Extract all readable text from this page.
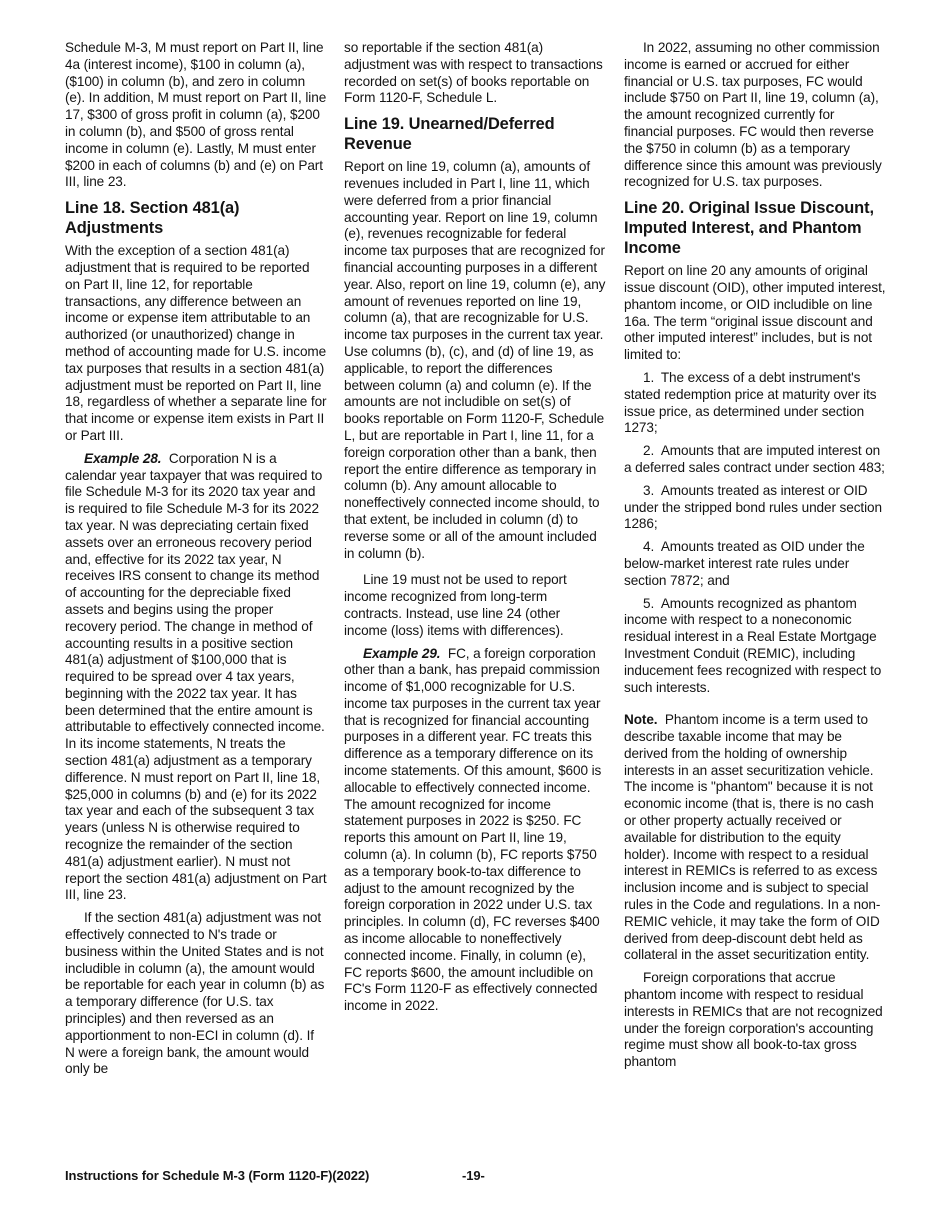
Schedule M-3, M must report on Part II, line 4a (interest income), $100 in column (a), ($100) in column (b), and zero in column (e). In addition, M must report on Part II, line 17, $300 of gross profit in column (a), $200 in column (b), and $500 of gross rental income in column (e). Lastly, M must enter $200 in each of columns (b) and (e) on Part III, line 23.

Line 18. Section 481(a) Adjustments

With the exception of a section 481(a) adjustment that is required to be reported on Part II, line 12, for reportable transactions, any difference between an income or expense item attributable to an authorized (or unauthorized) change in method of accounting made for U.S. income tax purposes that results in a section 481(a) adjustment must be reported on Part II, line 18, regardless of whether a separate line for that income or expense item exists in Part II or Part III.

Example 28. Corporation N is a calendar year taxpayer that was required to file Schedule M-3 for its 2020 tax year and is required to file Schedule M-3 for its 2022 tax year. N was depreciating certain fixed assets over an erroneous recovery period and, effective for its 2022 tax year, N receives IRS consent to change its method of accounting for the depreciable fixed assets and begins using the proper recovery period. The change in method of accounting results in a positive section 481(a) adjustment of $100,000 that is required to be spread over 4 tax years, beginning with the 2022 tax year. It has been determined that the entire amount is attributable to effectively connected income. In its income statements, N treats the section 481(a) adjustment as a temporary difference. N must report on Part II, line 18, $25,000 in columns (b) and (e) for its 2022 tax year and each of the subsequent 3 tax years (unless N is otherwise required to recognize the remainder of the section 481(a) adjustment earlier). N must not report the section 481(a) adjustment on Part III, line 23.

If the section 481(a) adjustment was not effectively connected to N's trade or business within the United States and is not includible in column (a), the amount would be reportable for each year in column (b) as a temporary difference (for U.S. tax principles) and then reversed as an apportionment to non-ECI in column (d). If N were a foreign bank, the amount would only be

so reportable if the section 481(a) adjustment was with respect to transactions recorded on set(s) of books reportable on Form 1120-F, Schedule L.

Line 19. Unearned/Deferred Revenue

Report on line 19, column (a), amounts of revenues included in Part I, line 11, which were deferred from a prior financial accounting year. Report on line 19, column (e), revenues recognizable for federal income tax purposes that are recognized for financial accounting purposes in a different year. Also, report on line 19, column (e), any amount of revenues reported on line 19, column (a), that are recognizable for U.S. income tax purposes in the current tax year. Use columns (b), (c), and (d) of line 19, as applicable, to report the differences between column (a) and column (e). If the amounts are not includible on set(s) of books reportable on Form 1120-F, Schedule L, but are reportable in Part I, line 11, for a foreign corporation other than a bank, then report the entire difference as temporary in column (b). Any amount allocable to noneffectively connected income should, to that extent, be included in column (d) to reverse some or all of the amount included in column (b).

Line 19 must not be used to report income recognized from long-term contracts. Instead, use line 24 (other income (loss) items with differences).

Example 29. FC, a foreign corporation other than a bank, has prepaid commission income of $1,000 recognizable for U.S. income tax purposes in the current tax year that is recognized for financial accounting purposes in a different year. FC treats this difference as a temporary difference on its income statements. Of this amount, $600 is allocable to effectively connected income. The amount recognized for income statement purposes in 2022 is $250. FC reports this amount on Part II, line 19, column (a). In column (b), FC reports $750 as a temporary book-to-tax difference to adjust to the amount recognized by the foreign corporation in 2022 under U.S. tax principles. In column (d), FC reverses $400 as income allocable to noneffectively connected income. Finally, in column (e), FC reports $600, the amount includible on FC's Form 1120-F as effectively connected income in 2022.

In 2022, assuming no other commission income is earned or accrued for either financial or U.S. tax purposes, FC would include $750 on Part II, line 19, column (a), the amount recognized currently for financial purposes. FC would then reverse the $750 in column (b) as a temporary difference since this amount was previously recognized for U.S. tax purposes.

Line 20. Original Issue Discount, Imputed Interest, and Phantom Income

Report on line 20 any amounts of original issue discount (OID), other imputed interest, phantom income, or OID includible on line 16a. The term “original issue discount and other imputed interest” includes, but is not limited to:

1. The excess of a debt instrument's stated redemption price at maturity over its issue price, as determined under section 1273;

2. Amounts that are imputed interest on a deferred sales contract under section 483;

3. Amounts treated as interest or OID under the stripped bond rules under section 1286;

4. Amounts treated as OID under the below-market interest rate rules under section 7872; and

5. Amounts recognized as phantom income with respect to a noneconomic residual interest in a Real Estate Mortgage Investment Conduit (REMIC), including inducement fees recognized with respect to such interests.

Note. Phantom income is a term used to describe taxable income that may be derived from the holding of ownership interests in an asset securitization vehicle. The income is "phantom" because it is not economic income (that is, there is no cash or other property actually received or available for distribution to the equity holder). Income with respect to a residual interest in REMICs is referred to as excess inclusion income and is subject to special rules in the Code and regulations. In a non-REMIC vehicle, it may take the form of OID derived from deep-discount debt held as collateral in the asset securitization entity.

Foreign corporations that accrue phantom income with respect to residual interests in REMICs that are not recognized under the foreign corporation's accounting regime must show all book-to-tax gross phantom

Instructions for Schedule M-3 (Form 1120-F)(2022)	-19-
